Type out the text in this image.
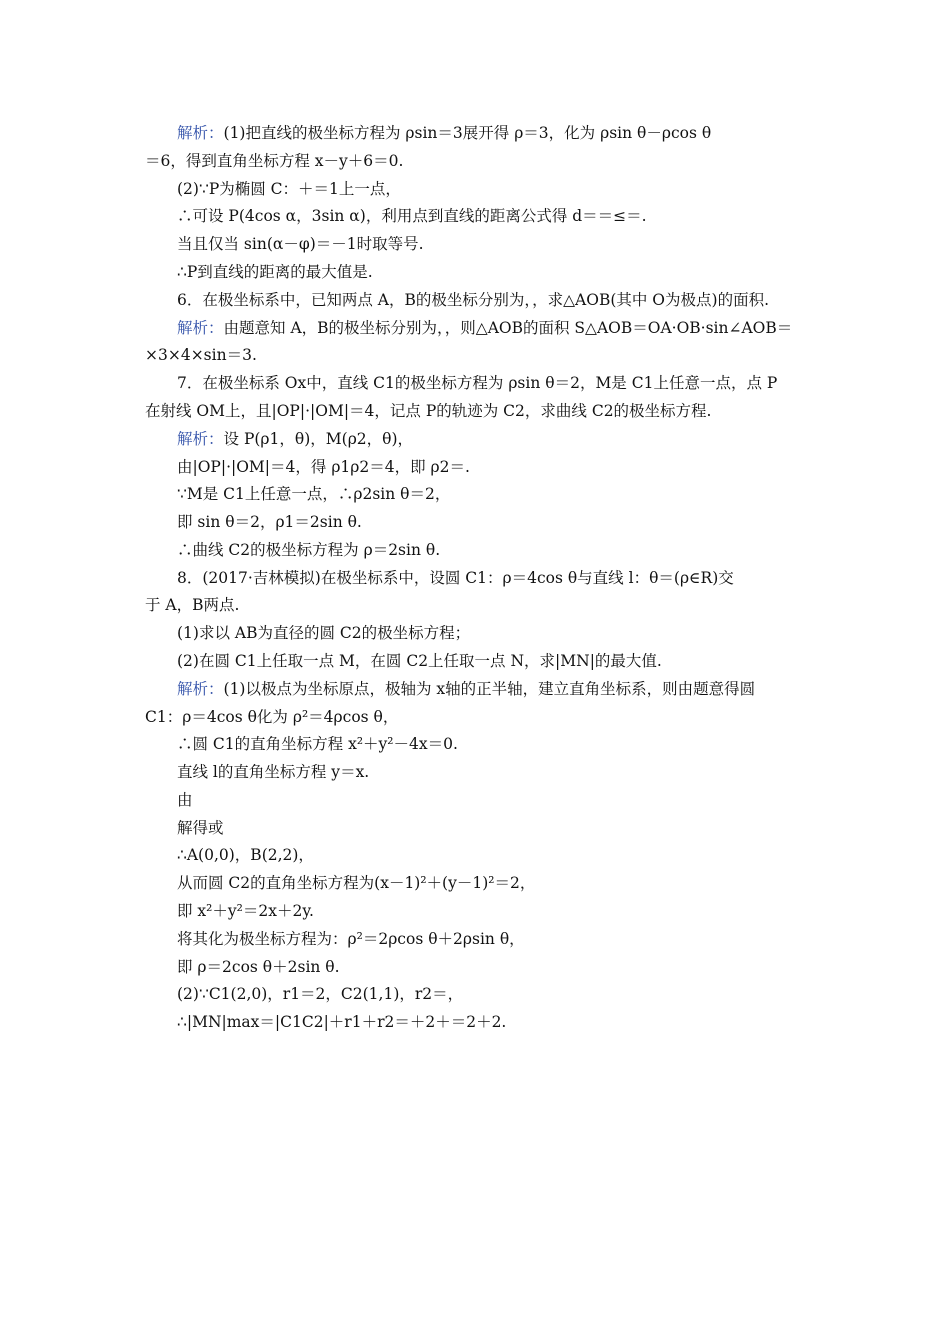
解析：(1)把直线的极坐标方程为 ρsin＝3展开得 ρ＝3，化为 ρsin θ－ρcos θ
＝6，得到直角坐标方程 x－y＋6＝0.
(2)∵P为椭圆 C：＋＝1上一点，
∴可设 P(4cos α，3sin α)，利用点到直线的距离公式得 d＝＝≤＝.
当且仅当 sin(α－φ)＝－1时取等号.
∴P到直线的距离的最大值是.
6．在极坐标系中，已知两点 A，B的极坐标分别为，，求△AOB(其中 O为极点)的面积.
解析：由题意知 A，B的极坐标分别为，，则△AOB的面积 S△AOB＝OA·OB·sin∠AOB＝
×3×4×sin＝3.
7．在极坐标系 Ox中，直线 C1的极坐标方程为 ρsin θ＝2，M是 C1上任意一点，点 P
在射线 OM上，且|OP|·|OM|＝4，记点 P的轨迹为 C2，求曲线 C2的极坐标方程.
解析：设 P(ρ1，θ)，M(ρ2，θ)，
由|OP|·|OM|＝4，得 ρ1ρ2＝4，即 ρ2＝.
∵M是 C1上任意一点，∴ρ2sin θ＝2，
即 sin θ＝2，ρ1＝2sin θ.
∴曲线 C2的极坐标方程为 ρ＝2sin θ.
8．(2017·吉林模拟)在极坐标系中，设圆 C1：ρ＝4cos θ与直线 l：θ＝(ρ∈R)交
于 A，B两点.
(1)求以 AB为直径的圆 C2的极坐标方程；
(2)在圆 C1上任取一点 M，在圆 C2上任取一点 N，求|MN|的最大值.
解析：(1)以极点为坐标原点，极轴为 x轴的正半轴，建立直角坐标系，则由题意得圆
C1：ρ＝4cos θ化为 ρ²＝4ρcos θ，
∴圆 C1的直角坐标方程 x²＋y²－4x＝0.
直线 l的直角坐标方程 y＝x.
由
解得或
∴A(0,0)，B(2,2)，
从而圆 C2的直角坐标方程为(x－1)²＋(y－1)²＝2，
即 x²＋y²＝2x＋2y.
将其化为极坐标方程为：ρ²＝2ρcos θ＋2ρsin θ，
即 ρ＝2cos θ＋2sin θ.
(2)∵C1(2,0)，r1＝2，C2(1,1)，r2＝，
∴|MN|max＝|C1C2|＋r1＋r2＝＋2＋＝2＋2.
